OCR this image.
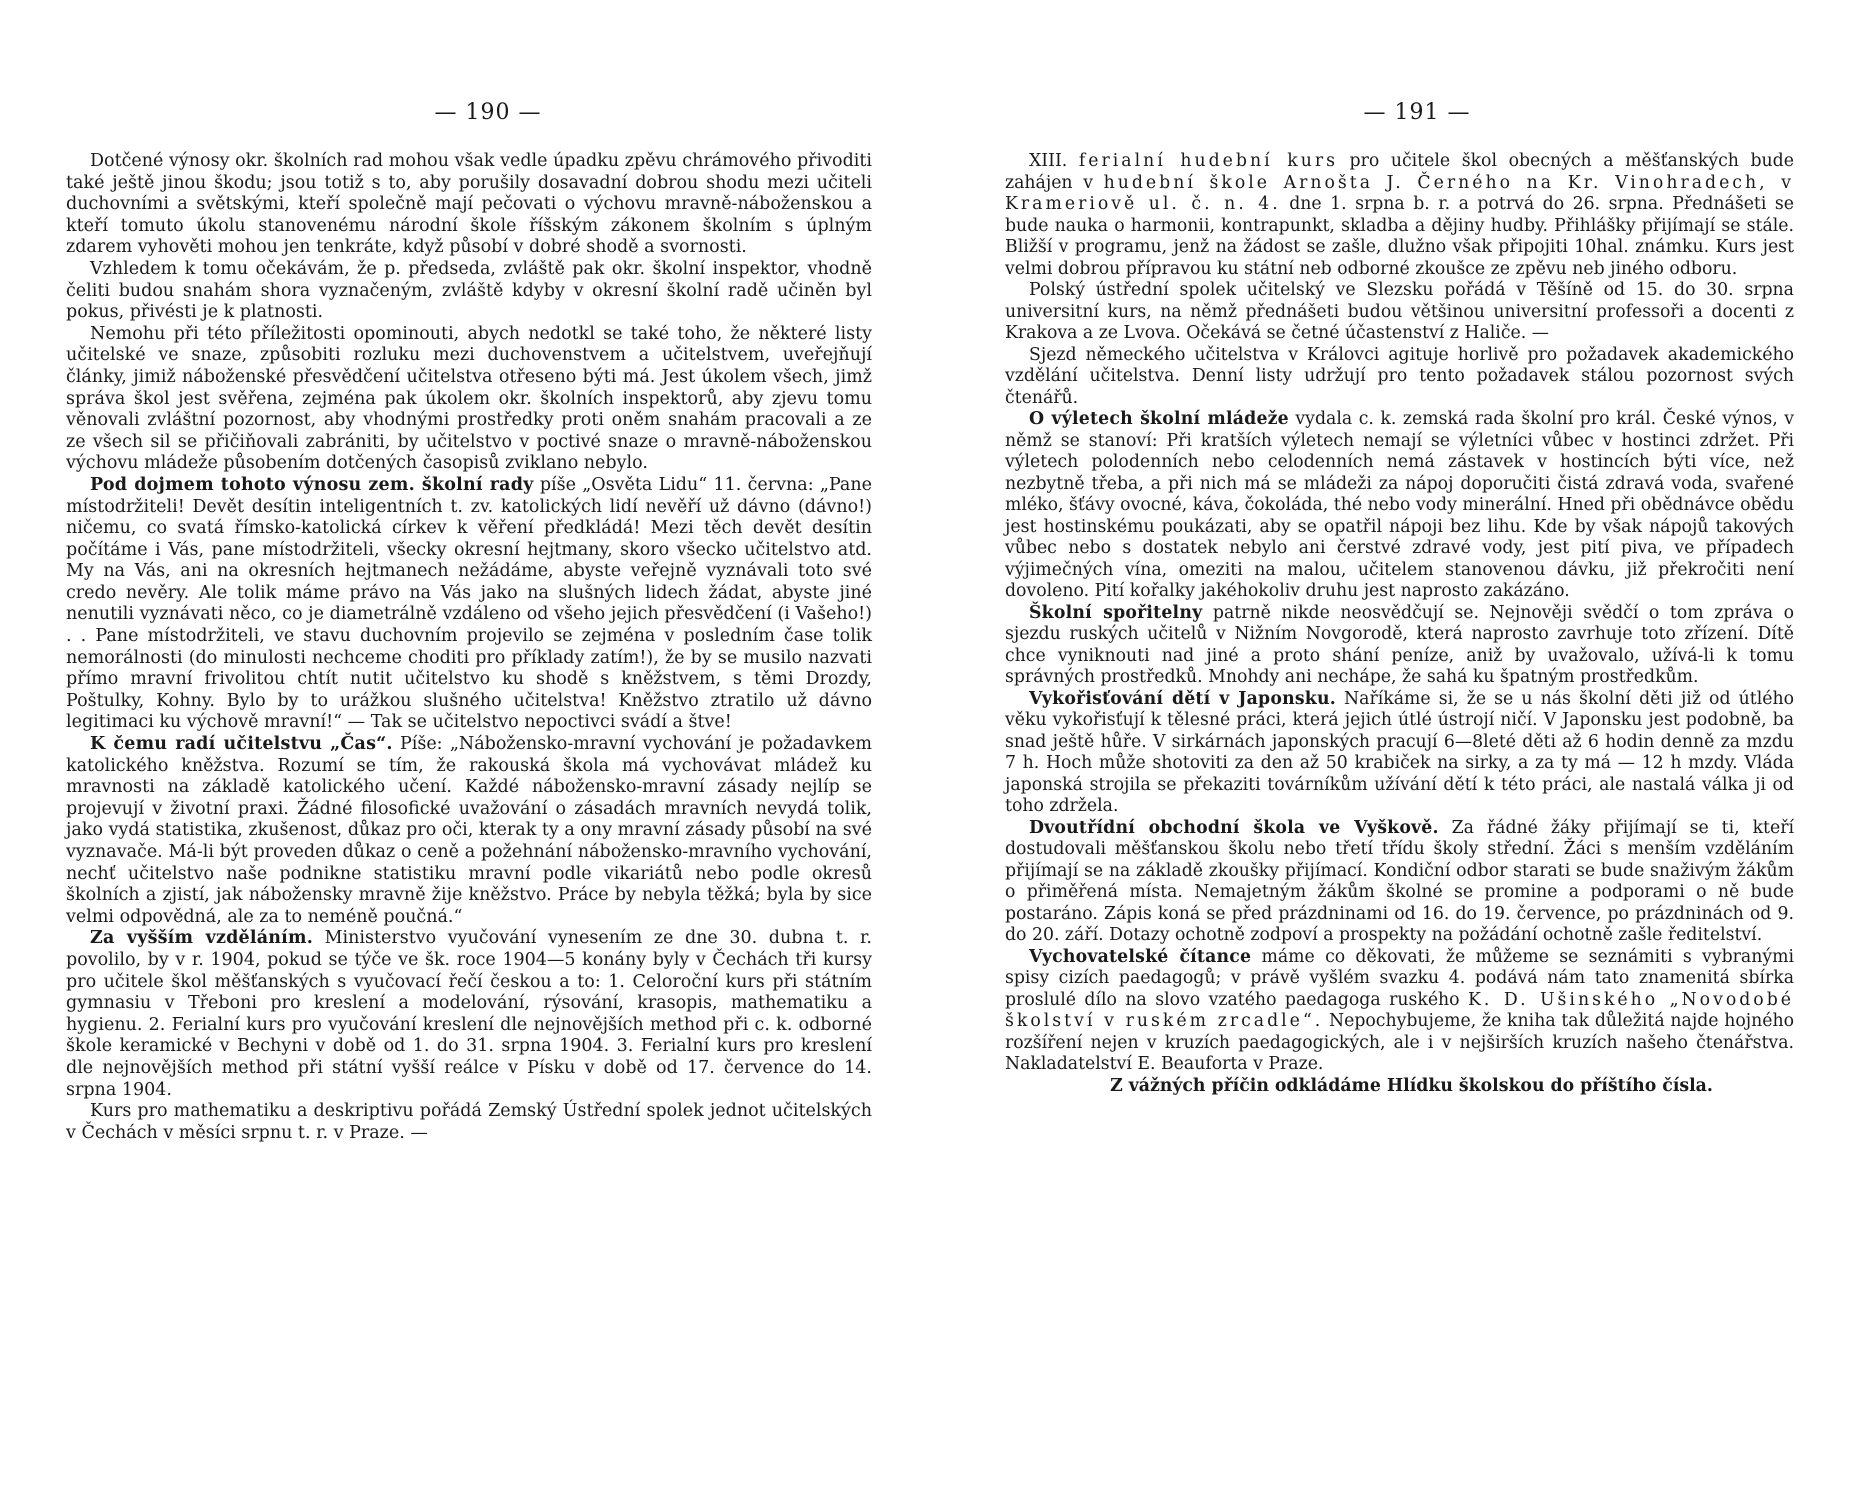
— 190 —

Dotčené výnosy okr. školních rad mohou však vedle úpadku zpěvu chrámového přivoditi také ještě jinou škodu; jsou totiž s to, aby porušily dosavadní dobrou shodu mezi učiteli duchovními a světskými, kteří společně mají pečovati o výchovu mravně-náboženskou a kteří tomuto úkolu stanovenému národní škole říšským zákonem školním s úplným zdarem vyhověti mohou jen tenkráte, když působí v dobré shodě a svornosti.

Vzhledem k tomu očekávám, že p. předseda, zvláště pak okr. školní inspektor, vhodně čeliti budou snahám shora vyznačeným, zvláště kdyby v okresní školní radě učiněn byl pokus, přivésti je k platnosti.

Nemohu při této příležitosti opominouti, abych nedotkl se také toho, že některé listy učitelské ve snaze, způsobiti rozluku mezi duchovenstvem a učitelstvem, uveřejňují články, jimiž náboženské přesvědčení učitelstva otřeseno býti má. Jest úkolem všech, jimž správa škol jest svěřena, zejména pak úkolem okr. školních inspektorů, aby zjevu tomu věnovali zvláštní pozornost, aby vhodnými prostředky proti oněm snahám pracovali a ze ze všech sil se přičiňovali zabrániti, by učitelstvo v poctivé snaze o mravně-náboženskou výchovu mládeže působením dotčených časopisů zviklano nebylo.

Pod dojmem tohoto výnosu zem. školní rady píše „Osvěta Lidu“ 11. června: „Pane místodržiteli! Devět desítin inteligentních t. zv. katolických lidí nevěří už dávno (dávno!) ničemu, co svatá římsko-katolická církev k věření předkládá! Mezi těch devět desítin počítáme i Vás, pane místodržiteli, všecky okresní hejtmany, skoro všecko učitelstvo atd. My na Vás, ani na okresních hejtmanech nežádáme, abyste veřejně vyznávali toto své credo nevěry. Ale tolik máme právo na Vás jako na slušných lidech žádat, abyste jiné nenutili vyznávati něco, co je diametrálně vzdáleno od všeho jejich přesvědčení (i Vašeho!) . . Pane místodržiteli, ve stavu duchovním projevilo se zejména v posledním čase tolik nemorálnosti (do minulosti nechceme choditi pro příklady zatím!), že by se musilo nazvati přímo mravní frivolitou chtít nutit učitelstvo ku shodě s kněžstvem, s těmi Drozdy, Poštulky, Kohny. Bylo by to urážkou slušného učitelstva! Kněžstvo ztratilo už dávno legitimaci ku výchově mravní!“ — Tak se učitelstvo nepoctivci svádí a štve!

K čemu radí učitelstvu „Čas“. Píše: „Nábožensko-mravní vychování je požadavkem katolického kněžstva. Rozumí se tím, že rakouská škola má vychovávat mládež ku mravnosti na základě katolického učení. Každé nábožensko-mravní zásady nejlíp se projevují v životní praxi. Žádné filosofické uvažování o zásadách mravních nevydá tolik, jako vydá statistika, zkušenost, důkaz pro oči, kterak ty a ony mravní zásady působí na své vyznavače. Má-li být proveden důkaz o ceně a požehnání nábožensko-mravního vychování, nechť učitelstvo naše podnikne statistiku mravní podle vikariátů nebo podle okresů školních a zjistí, jak nábožensky mravně žije kněžstvo. Práce by nebyla těžká; byla by sice velmi odpovědná, ale za to neméně poučná.“

Za vyšším vzděláním. Ministerstvo vyučování vynesením ze dne 30. dubna t. r. povolilo, by v r. 1904, pokud se týče ve šk. roce 1904—5 konány byly v Čechách tři kursy pro učitele škol měšťanských s vyučovací řečí českou a to: 1. Celoroční kurs při státním gymnasiu v Třeboni pro kreslení a modelování, rýsování, krasopis, mathematiku a hygienu. 2. Ferialní kurs pro vyučování kreslení dle nejnovějších method při c. k. odborné škole keramické v Bechyni v době od 1. do 31. srpna 1904. 3. Ferialní kurs pro kreslení dle nejnovějších method při státní vyšší reálce v Písku v době od 17. července do 14. srpna 1904.

Kurs pro mathematiku a deskriptivu pořádá Zemský Ústřední spolek jednot učitelských v Čechách v měsíci srpnu t. r. v Praze. —

— 191 —

XIII. ferialní hudební kurs pro učitele škol obecných a měšťanských bude zahájen v hudební škole Arnošta J. Černého na Kr. Vinohradech, v Krameriově ul. č. n. 4. dne 1. srpna b. r. a potrvá do 26. srpna. Přednášeti se bude nauka o harmonii, kontrapunkt, skladba a dějiny hudby. Přihlášky přijímají se stále. Bližší v programu, jenž na žádost se zašle, dlužno však připojiti 10hal. známku. Kurs jest velmi dobrou přípravou ku státní neb odborné zkoušce ze zpěvu neb jiného odboru.

Polský ústřední spolek učitelský ve Slezsku pořádá v Těšíně od 15. do 30. srpna universitní kurs, na němž přednášeti budou většinou universitní professoři a docenti z Krakova a ze Lvova. Očekává se četné účastenství z Haliče. —

Sjezd německého učitelstva v Královci agituje horlivě pro požadavek akademického vzdělání učitelstva. Denní listy udržují pro tento požadavek stálou pozornost svých čtenářů.

O výletech školní mládeže vydala c. k. zemská rada školní pro král. České výnos, v němž se stanoví: Při kratších výletech nemají se výletníci vůbec v hostinci zdržet. Při výletech polodenních nebo celodenních nemá zástavek v hostincích býti více, než nezbytně třeba, a při nich má se mládeži za nápoj doporučiti čistá zdravá voda, svařené mléko, šťávy ovocné, káva, čokoláda, thé nebo vody minerální. Hned při obědnávce obědu jest hostinskému poukázati, aby se opatřil nápoji bez lihu. Kde by však nápojů takových vůbec nebo s dostatek nebylo ani čerstvé zdravé vody, jest pití piva, ve případech výjimečných vína, omeziti na malou, učitelem stanovenou dávku, již překročiti není dovoleno. Pití kořalky jakéhokoliv druhu jest naprosto zakázáno.

Školní spořitelny patrně nikde neosvědčují se. Nejnověji svědčí o tom zpráva o sjezdu ruských učitelů v Nižním Novgorodě, která naprosto zavrhuje toto zřízení. Dítě chce vyniknouti nad jiné a proto shání peníze, aniž by uvažovalo, užívá-li k tomu správných prostředků. Mnohdy ani nechápe, že sahá ku špatným prostředkům.

Vykořisťování dětí v Japonsku. Naříkáme si, že se u nás školní děti již od útlého věku vykořisťují k tělesné práci, která jejich útlé ústrojí ničí. V Japonsku jest podobně, ba snad ještě hůře. V sirkárnách japonských pracují 6—8leté děti až 6 hodin denně za mzdu 7 h. Hoch může shotoviti za den až 50 krabiček na sirky, a za ty má — 12 h mzdy. Vláda japonská strojila se překaziti továrníkům užívání dětí k této práci, ale nastalá válka ji od toho zdržela.

Dvoutřídní obchodní škola ve Vyškově. Za řádné žáky přijímají se ti, kteří dostudovali měšťanskou školu nebo třetí třídu školy střední. Žáci s menším vzděláním přijímají se na základě zkoušky přijímací. Kondiční odbor starati se bude snaživým žákům o přiměřená místa. Nemajetným žákům školné se promine a podporami o ně bude postaráno. Zápis koná se před prázdninami od 16. do 19. července, po prázdninách od 9. do 20. září. Dotazy ochotně zodpoví a prospekty na požádání ochotně zašle ředitelství.

Vychovatelské čítance máme co děkovati, že můžeme se seznámiti s vybranými spisy cizích paedagogů; v právě vyšlém svazku 4. podává nám tato znamenitá sbírka proslulé dílo na slovo vzatého paedagoga ruského K. D. Ušinského „Novodobé školství v ruském zrcadle“. Nepochybujeme, že kniha tak důležitá najde hojného rozšíření nejen v kruzích paedagogických, ale i v nejširších kruzích našeho čtenářstva. Nakladatelství E. Beauforta v Praze.

Z vážných příčin odkládáme Hlídku školskou do příštího čísla.
